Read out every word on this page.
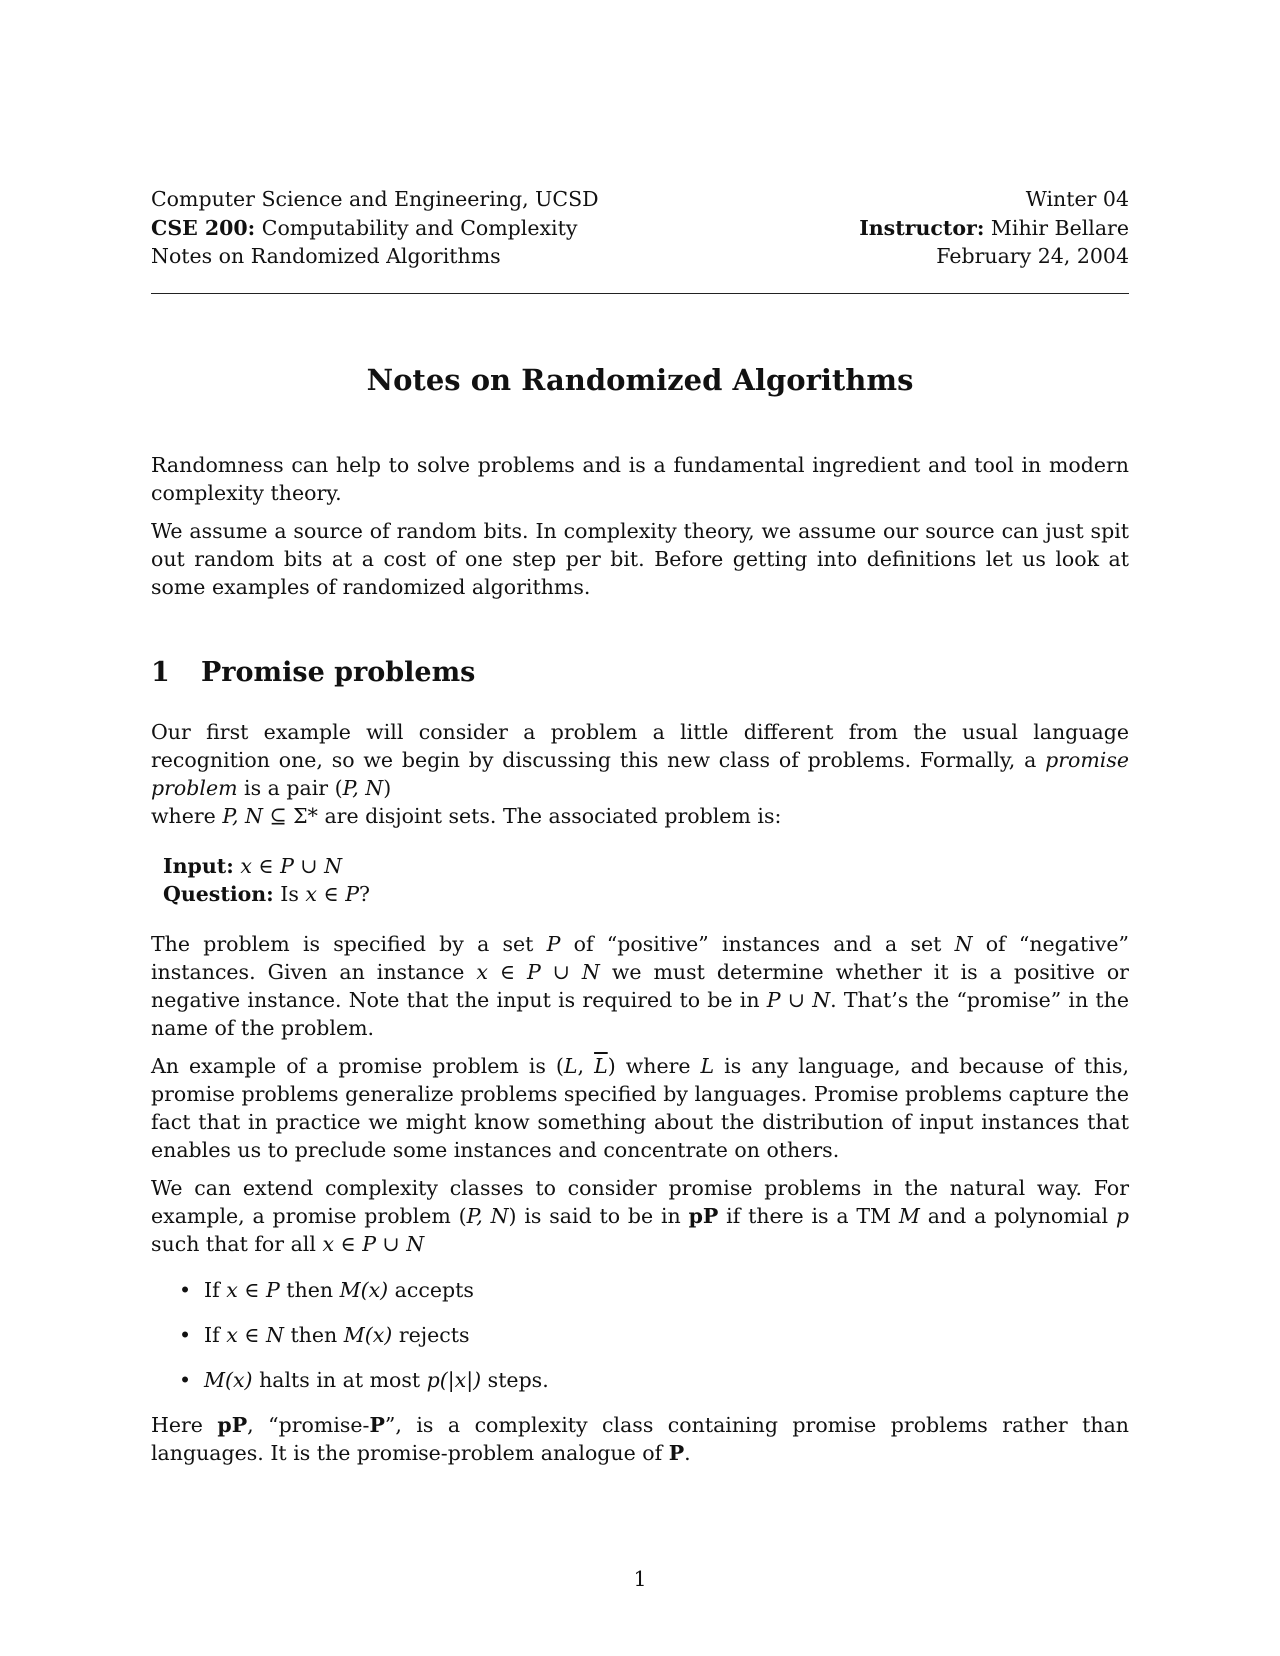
Computer Science and Engineering, UCSD
CSE 200: Computability and Complexity
Notes on Randomized Algorithms
Winter 04
Instructor: Mihir Bellare
February 24, 2004
Notes on Randomized Algorithms

Randomness can help to solve problems and is a fundamental ingredient and tool in modern complexity theory.

We assume a source of random bits. In complexity theory, we assume our source can just spit out random bits at a cost of one step per bit. Before getting into definitions let us look at some examples of randomized algorithms.

1	Promise problems

Our first example will consider a problem a little different from the usual language recognition one, so we begin by discussing this new class of problems. Formally, a promise problem is a pair (P, N)
where P, N ⊆ Σ* are disjoint sets. The associated problem is:

Input: x ∈ P ∪ N
Question: Is x ∈ P?

The problem is specified by a set P of “positive” instances and a set N of “negative” instances. Given an instance x ∈ P ∪ N we must determine whether it is a positive or negative instance. Note that the input is required to be in P ∪ N. That’s the “promise” in the name of the problem.

An example of a promise problem is (L, $\overline{L}$) where L is any language, and because of this, promise problems generalize problems specified by languages. Promise problems capture the fact that in practice we might know something about the distribution of input instances that enables us to preclude some instances and concentrate on others.

We can extend complexity classes to consider promise problems in the natural way. For example, a promise problem (P, N) is said to be in pP if there is a TM M and a polynomial p such that for all x ∈ P ∪ N

• If x ∈ P then M(x) accepts
• If x ∈ N then M(x) rejects
• M(x) halts in at most p(|x|) steps.

Here pP, “promise-P”, is a complexity class containing promise problems rather than languages. It is the promise-problem analogue of P.

1
